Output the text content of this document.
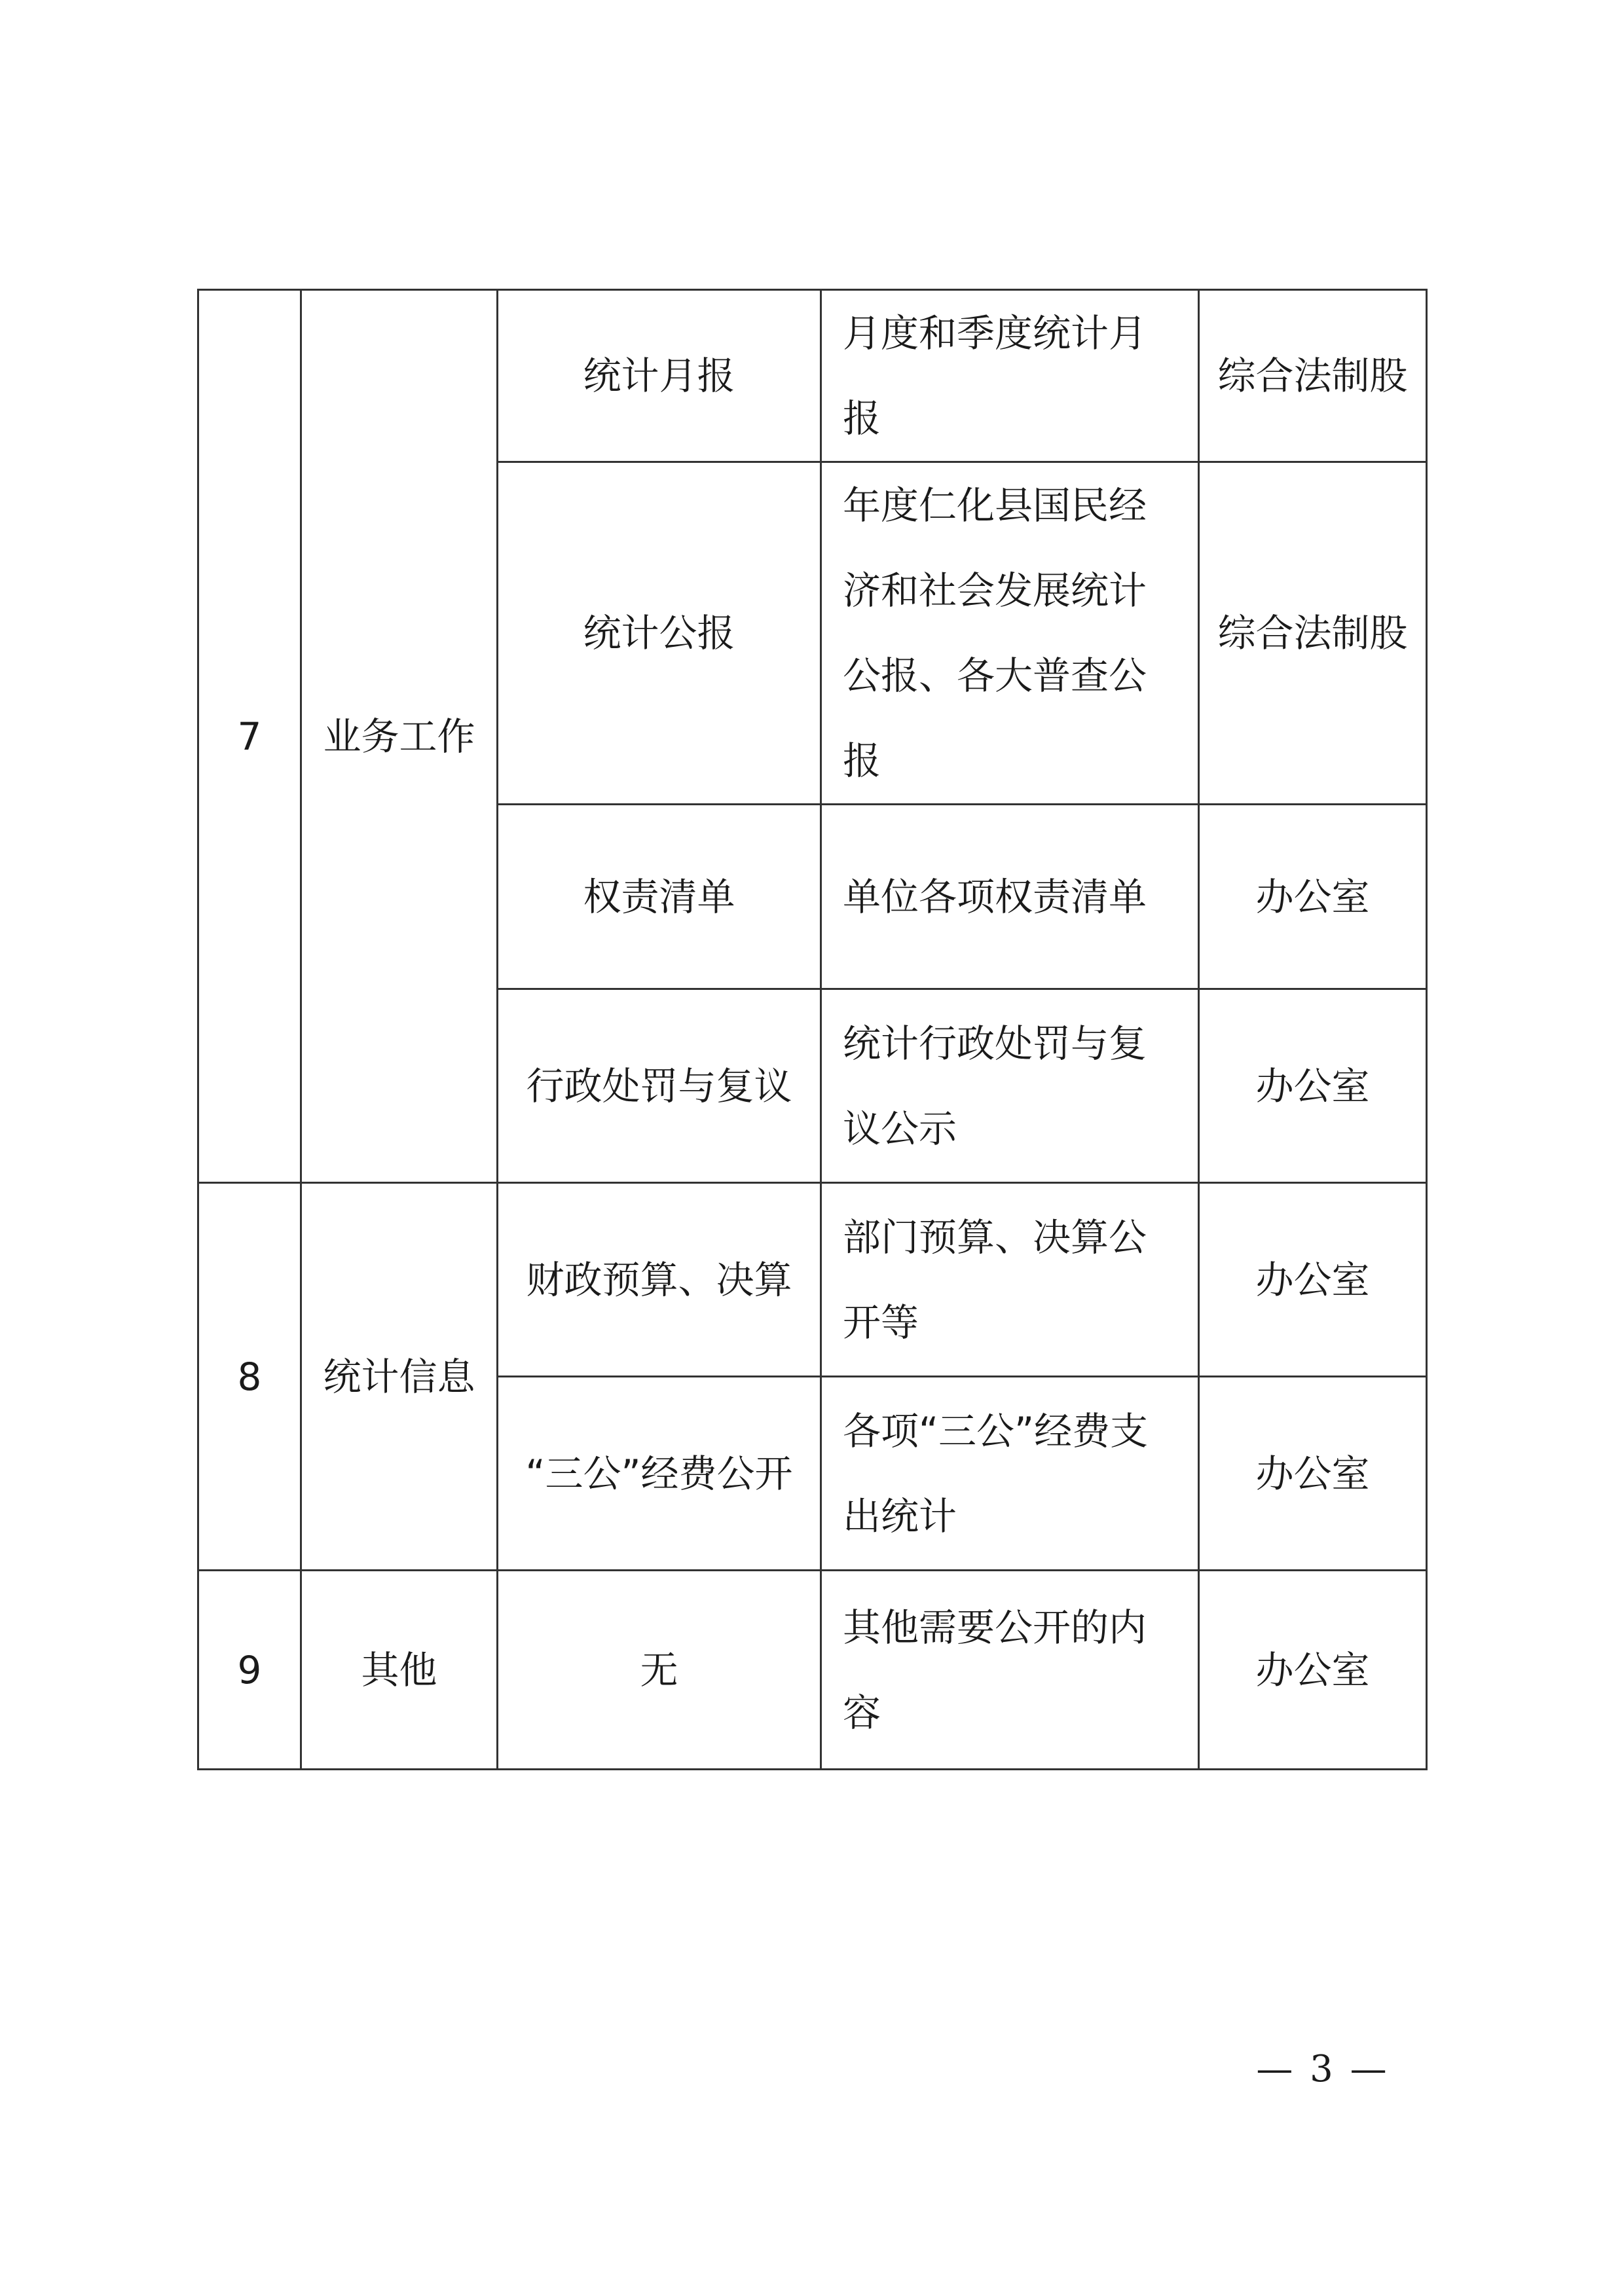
7	业务工作	统计月报	月度和季度统计月报	综合法制股
		统计公报	年度仁化县国民经济和社会发展统计公报、各大普查公报	综合法制股
		权责清单	单位各项权责清单	办公室
		行政处罚与复议	统计行政处罚与复议公示	办公室
8	统计信息	财政预算、决算	部门预算、决算公开等	办公室
		“三公”经费公开	各项“三公”经费支出统计	办公室
9	其他	无	其他需要公开的内容	办公室
— 3 —
